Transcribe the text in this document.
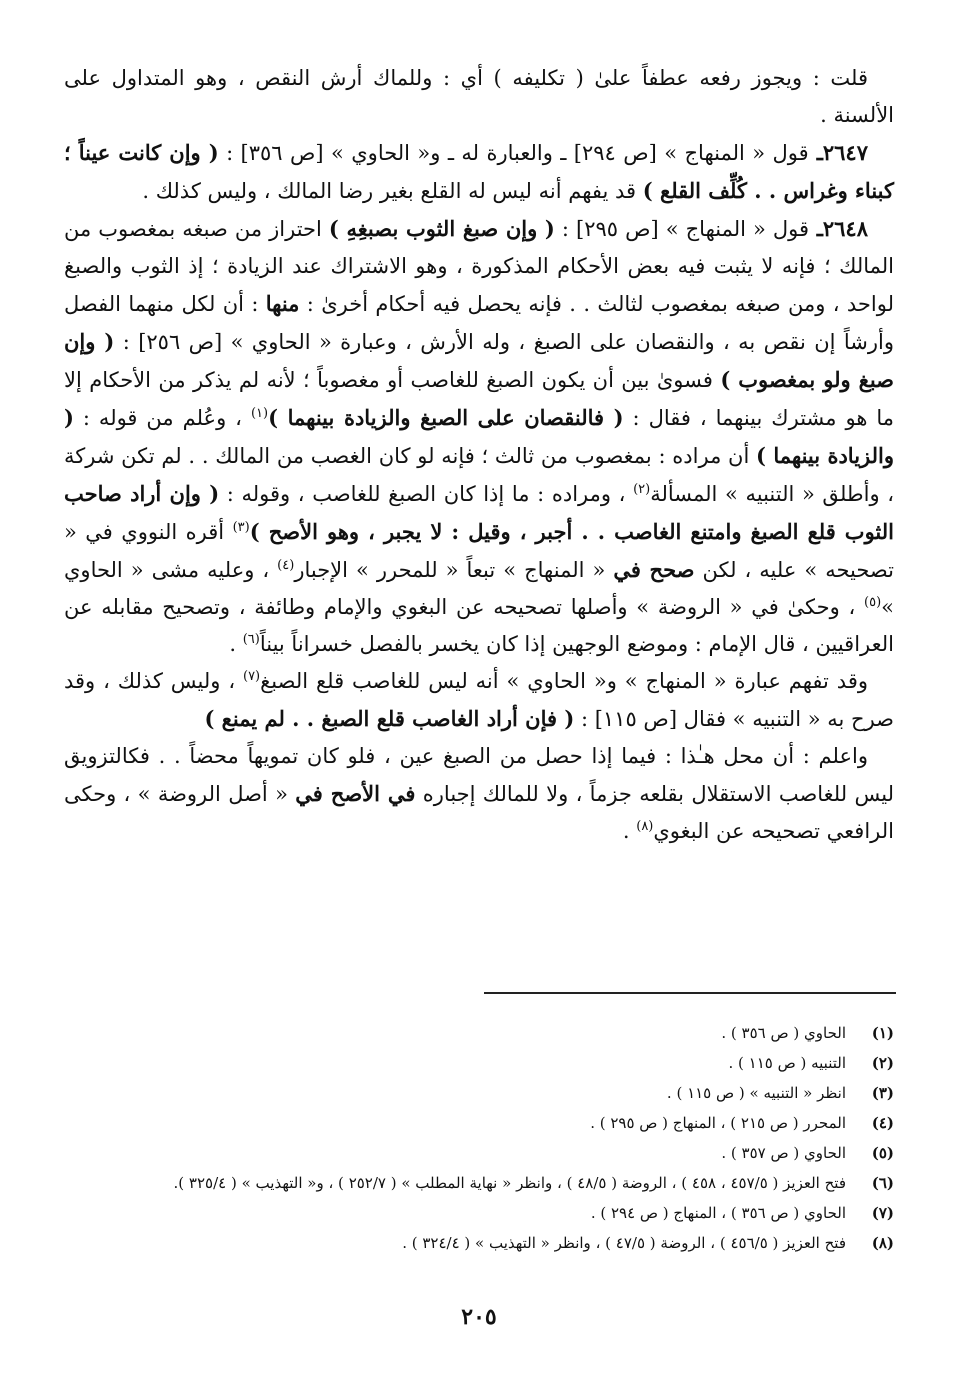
قلت : ويجوز رفعه عطفاً علىٰ ( تكليفه ) أي : وللماك أرش النقص ، وهو المتداول على الألسنة .

٢٦٤٧ـ قول « المنهاج » [ص ٢٩٤] ـ والعبارة له ـ و« الحاوي » [ص ٣٥٦] : ( وإن كانت عيناً ؛ كبناء وغراس . . كُلِّف القلع ) قد يفهم أنه ليس له القلع بغير رضا المالك ، وليس كذلك .

٢٦٤٨ـ قول « المنهاج » [ص ٢٩٥] : ( وإن صبغ الثوب بصبغِهِ ) احتراز من صبغه بمغصوب من المالك ؛ فإنه لا يثبت فيه بعض الأحكام المذكورة ، وهو الاشتراك عند الزيادة ؛ إذ الثوب والصبغ لواحد ، ومن صبغه بمغصوب لثالث . . فإنه يحصل فيه أحكام أخرىٰ : منها : أن لكل منهما الفصل وأرشاً إن نقص به ، والنقصان على الصبغ ، وله الأرش ، وعبارة « الحاوي » [ص ٢٥٦] : ( وإن صبغ ولو بمغصوب ) فسوىٰ بين أن يكون الصبغ للغاصب أو مغصوباً ؛ لأنه لم يذكر من الأحكام إلا ما هو مشترك بينهما ، فقال : ( فالنقصان على الصبغ والزيادة بينهما )$^{(١)}$ ، وعُلم من قوله : ( والزيادة بينهما ) أن مراده : بمغصوب من ثالث ؛ فإنه لو كان الغصب من المالك . . لم تكن شركة ، وأطلق « التنبيه » المسألة$^{(٢)}$ ، ومراده : ما إذا كان الصبغ للغاصب ، وقوله : ( وإن أراد صاحب الثوب قلع الصبغ وامتنع الغاصب . . أجبر ، وقيل : لا يجبر ، وهو الأصح )$^{(٣)}$ أقره النووي في « تصحيحه » عليه ، لكن صحح في « المنهاج » تبعاً « للمحرر » الإجبار$^{(٤)}$ ، وعليه مشى « الحاوي »$^{(٥)}$ ، وحكىٰ في « الروضة » وأصلها تصحيحه عن البغوي والإمام وطائفة ، وتصحيح مقابله عن العراقيين ، قال الإمام : وموضع الوجهين إذا كان يخسر بالفصل خسراناً بيناً$^{(٦)}$ .

وقد تفهم عبارة « المنهاج » و« الحاوي » أنه ليس للغاصب قلع الصبغ$^{(٧)}$ ، وليس كذلك ، وقد صرح به « التنبيه » فقال [ص ١١٥] : ( فإن أراد الغاصب قلع الصبغ . . لم يمنع )

واعلم : أن محل هـٰذا : فيما إذا حصل من الصبغ عين ، فلو كان تمويهاً محضاً . . فكالتزويق ليس للغاصب الاستقلال بقلعه جزماً ، ولا للمالك إجباره في الأصح في « أصل الروضة » ، وحكى الرافعي تصحيحه عن البغوي$^{(٨)}$ .

(١)
الحاوي ( ص ٣٥٦ ) .
(٢)
التنبيه ( ص ١١٥ ) .
(٣)
انظر « التنبيه » ( ص ١١٥ ) .
(٤)
المحرر ( ص ٢١٥ ) ، المنهاج ( ص ٢٩٥ ) .
(٥)
الحاوي ( ص ٣٥٧ ) .
(٦)
فتح العزيز ( ٤٥٧/٥ ، ٤٥٨ ) ، الروضة ( ٤٨/٥ ) ، وانظر « نهاية المطلب » ( ٢٥٢/٧ ) ، و« التهذيب » ( ٣٢٥/٤ ).
(٧)
الحاوي ( ص ٣٥٦ ) ، المنهاج ( ص ٢٩٤ ) .
(٨)
فتح العزيز ( ٤٥٦/٥ ) ، الروضة ( ٤٧/٥ ) ، وانظر « التهذيب » ( ٣٢٤/٤ ) .
٢٠٥
